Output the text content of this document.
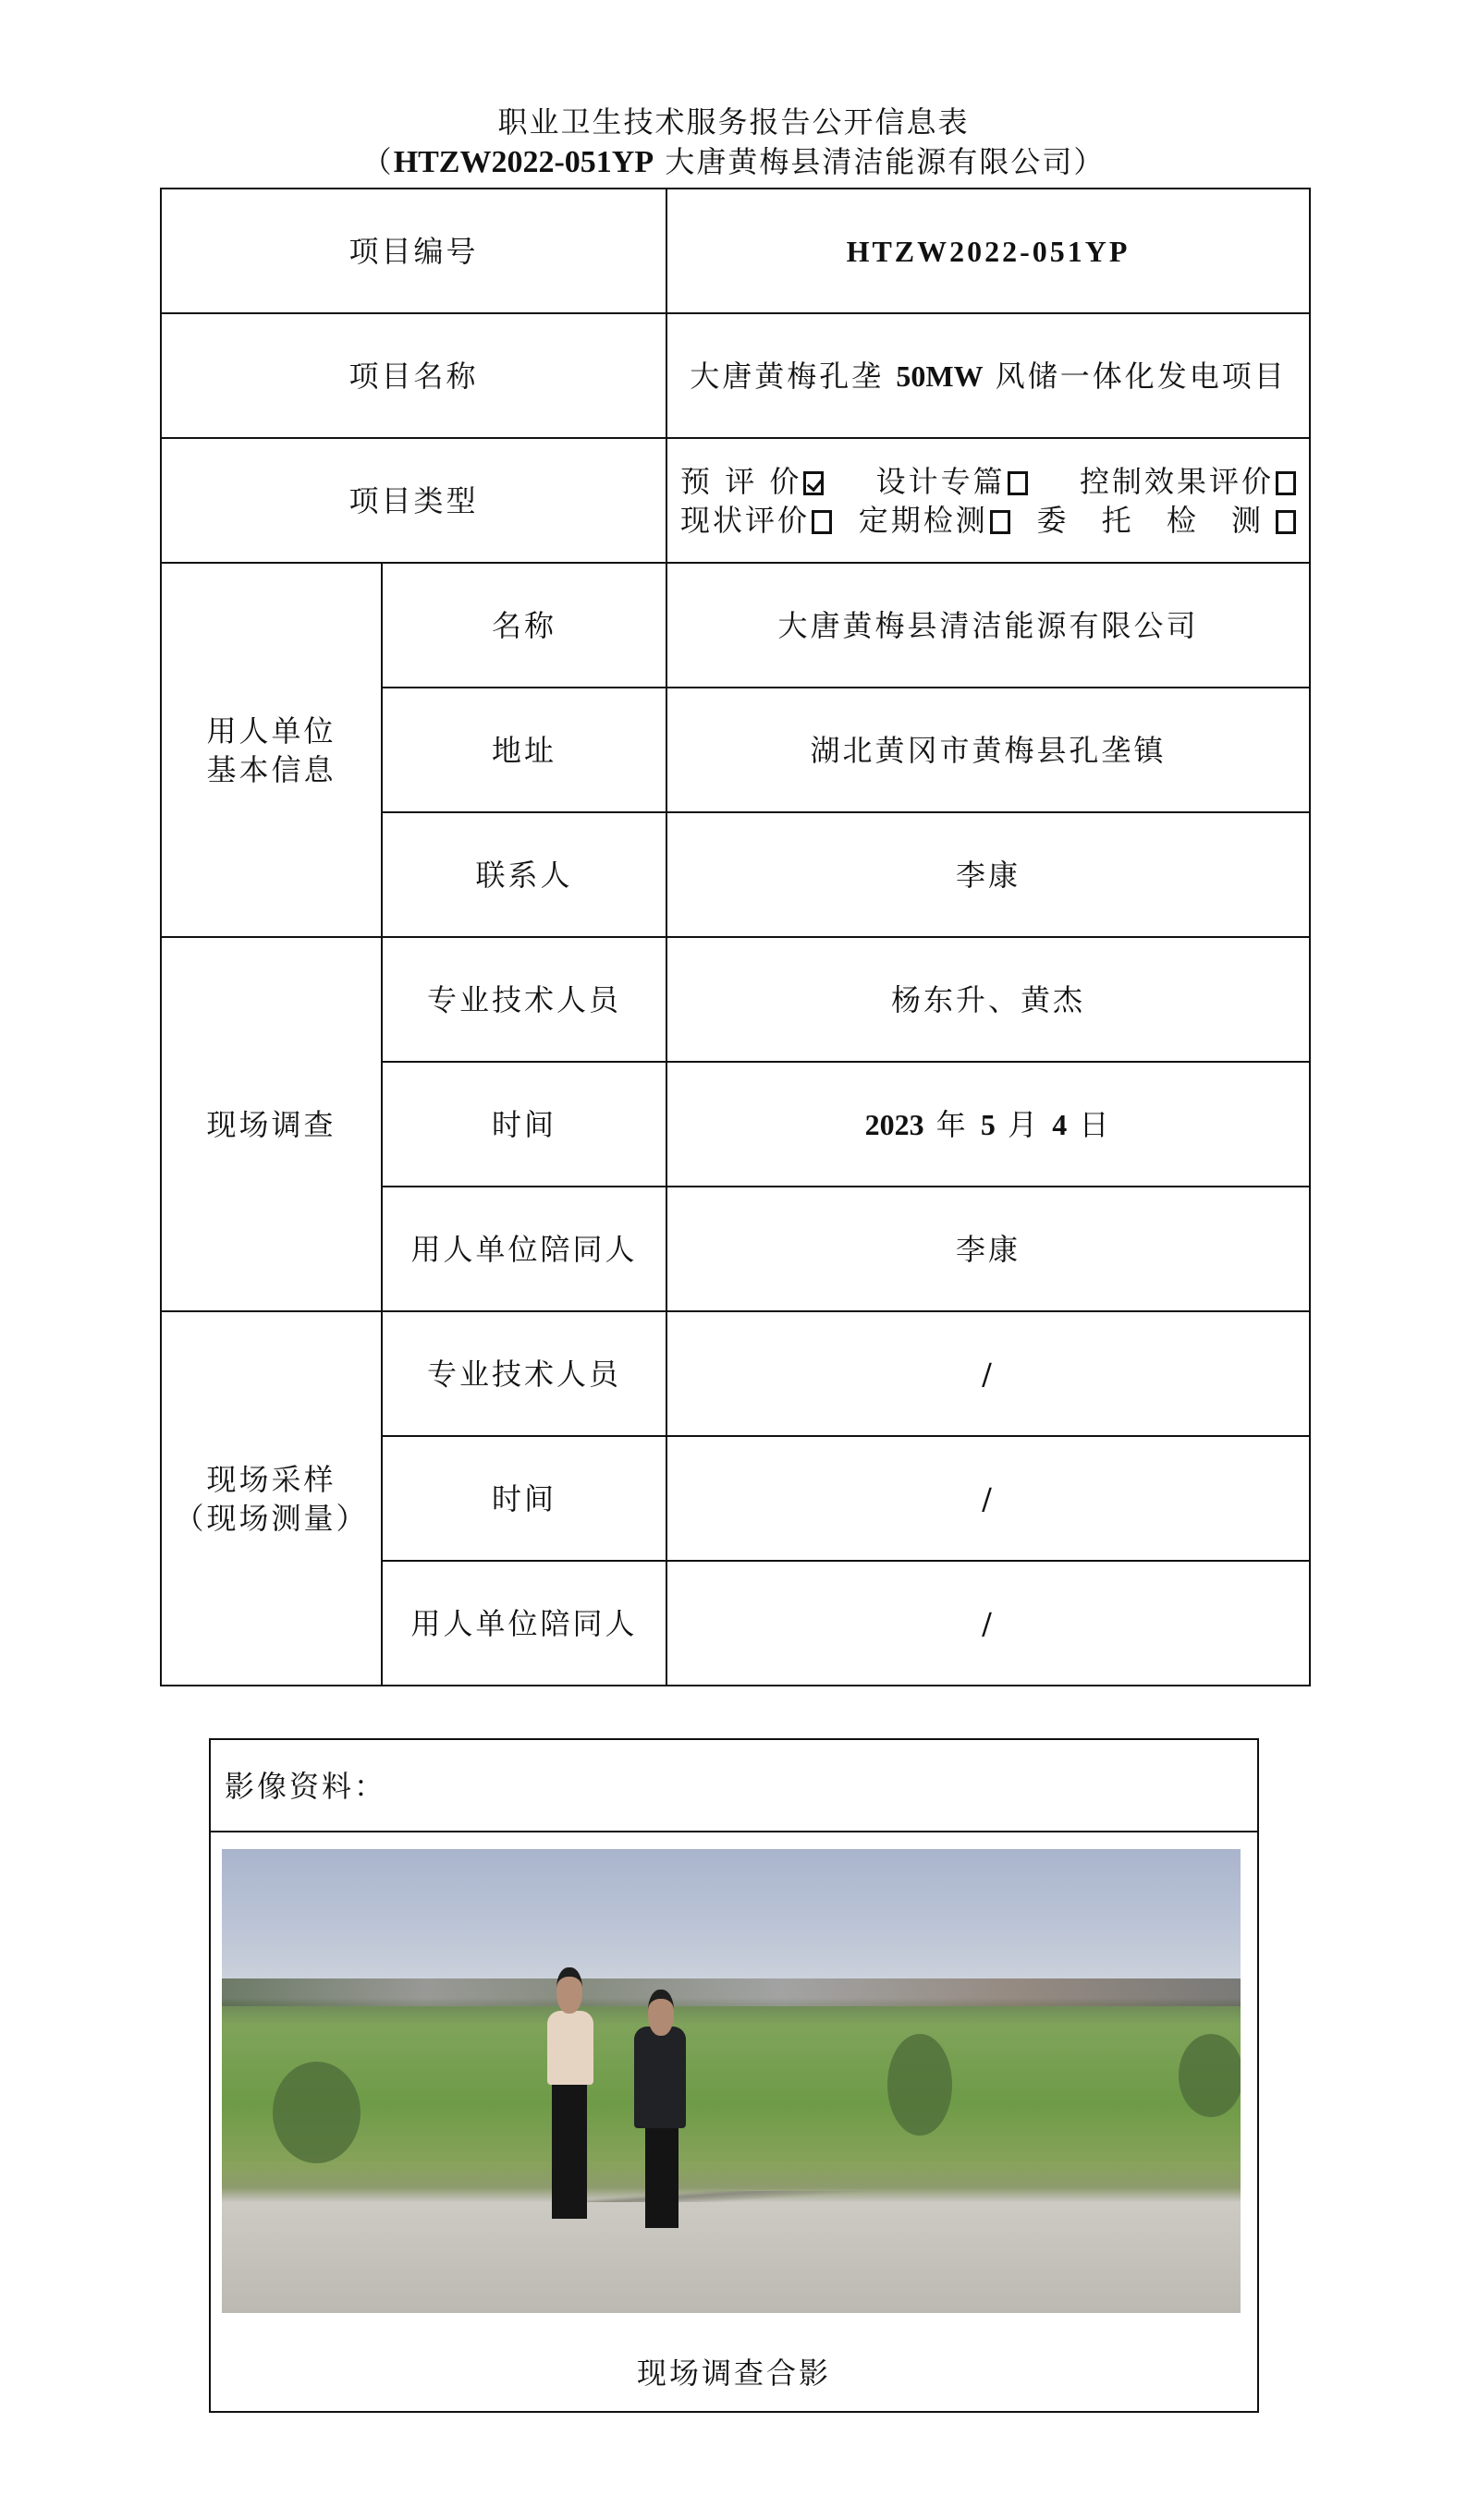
职业卫生技术服务报告公开信息表
（HTZW2022-051YP 大唐黄梅县清洁能源有限公司）
项目编号		HTZW2022-051YP
项目名称		大唐黄梅孔垄 50MW 风储一体化发电项目
项目类型	
预 评 价	设计专篇	控制效果评价
现状评价	定期检测	委 托 检 测

用人单位基本信息	名称	大唐黄梅县清洁能源有限公司
	地址	湖北黄冈市黄梅县孔垄镇
	联系人	李康
现场调查	专业技术人员	杨东升、黄杰
	时间	2023 年 5 月 4 日
	用人单位陪同人	李康

现场采样
（现场测量）	专业技术人员	/
	时间	/
	用人单位陪同人	/
影像资料：
现场调查合影
